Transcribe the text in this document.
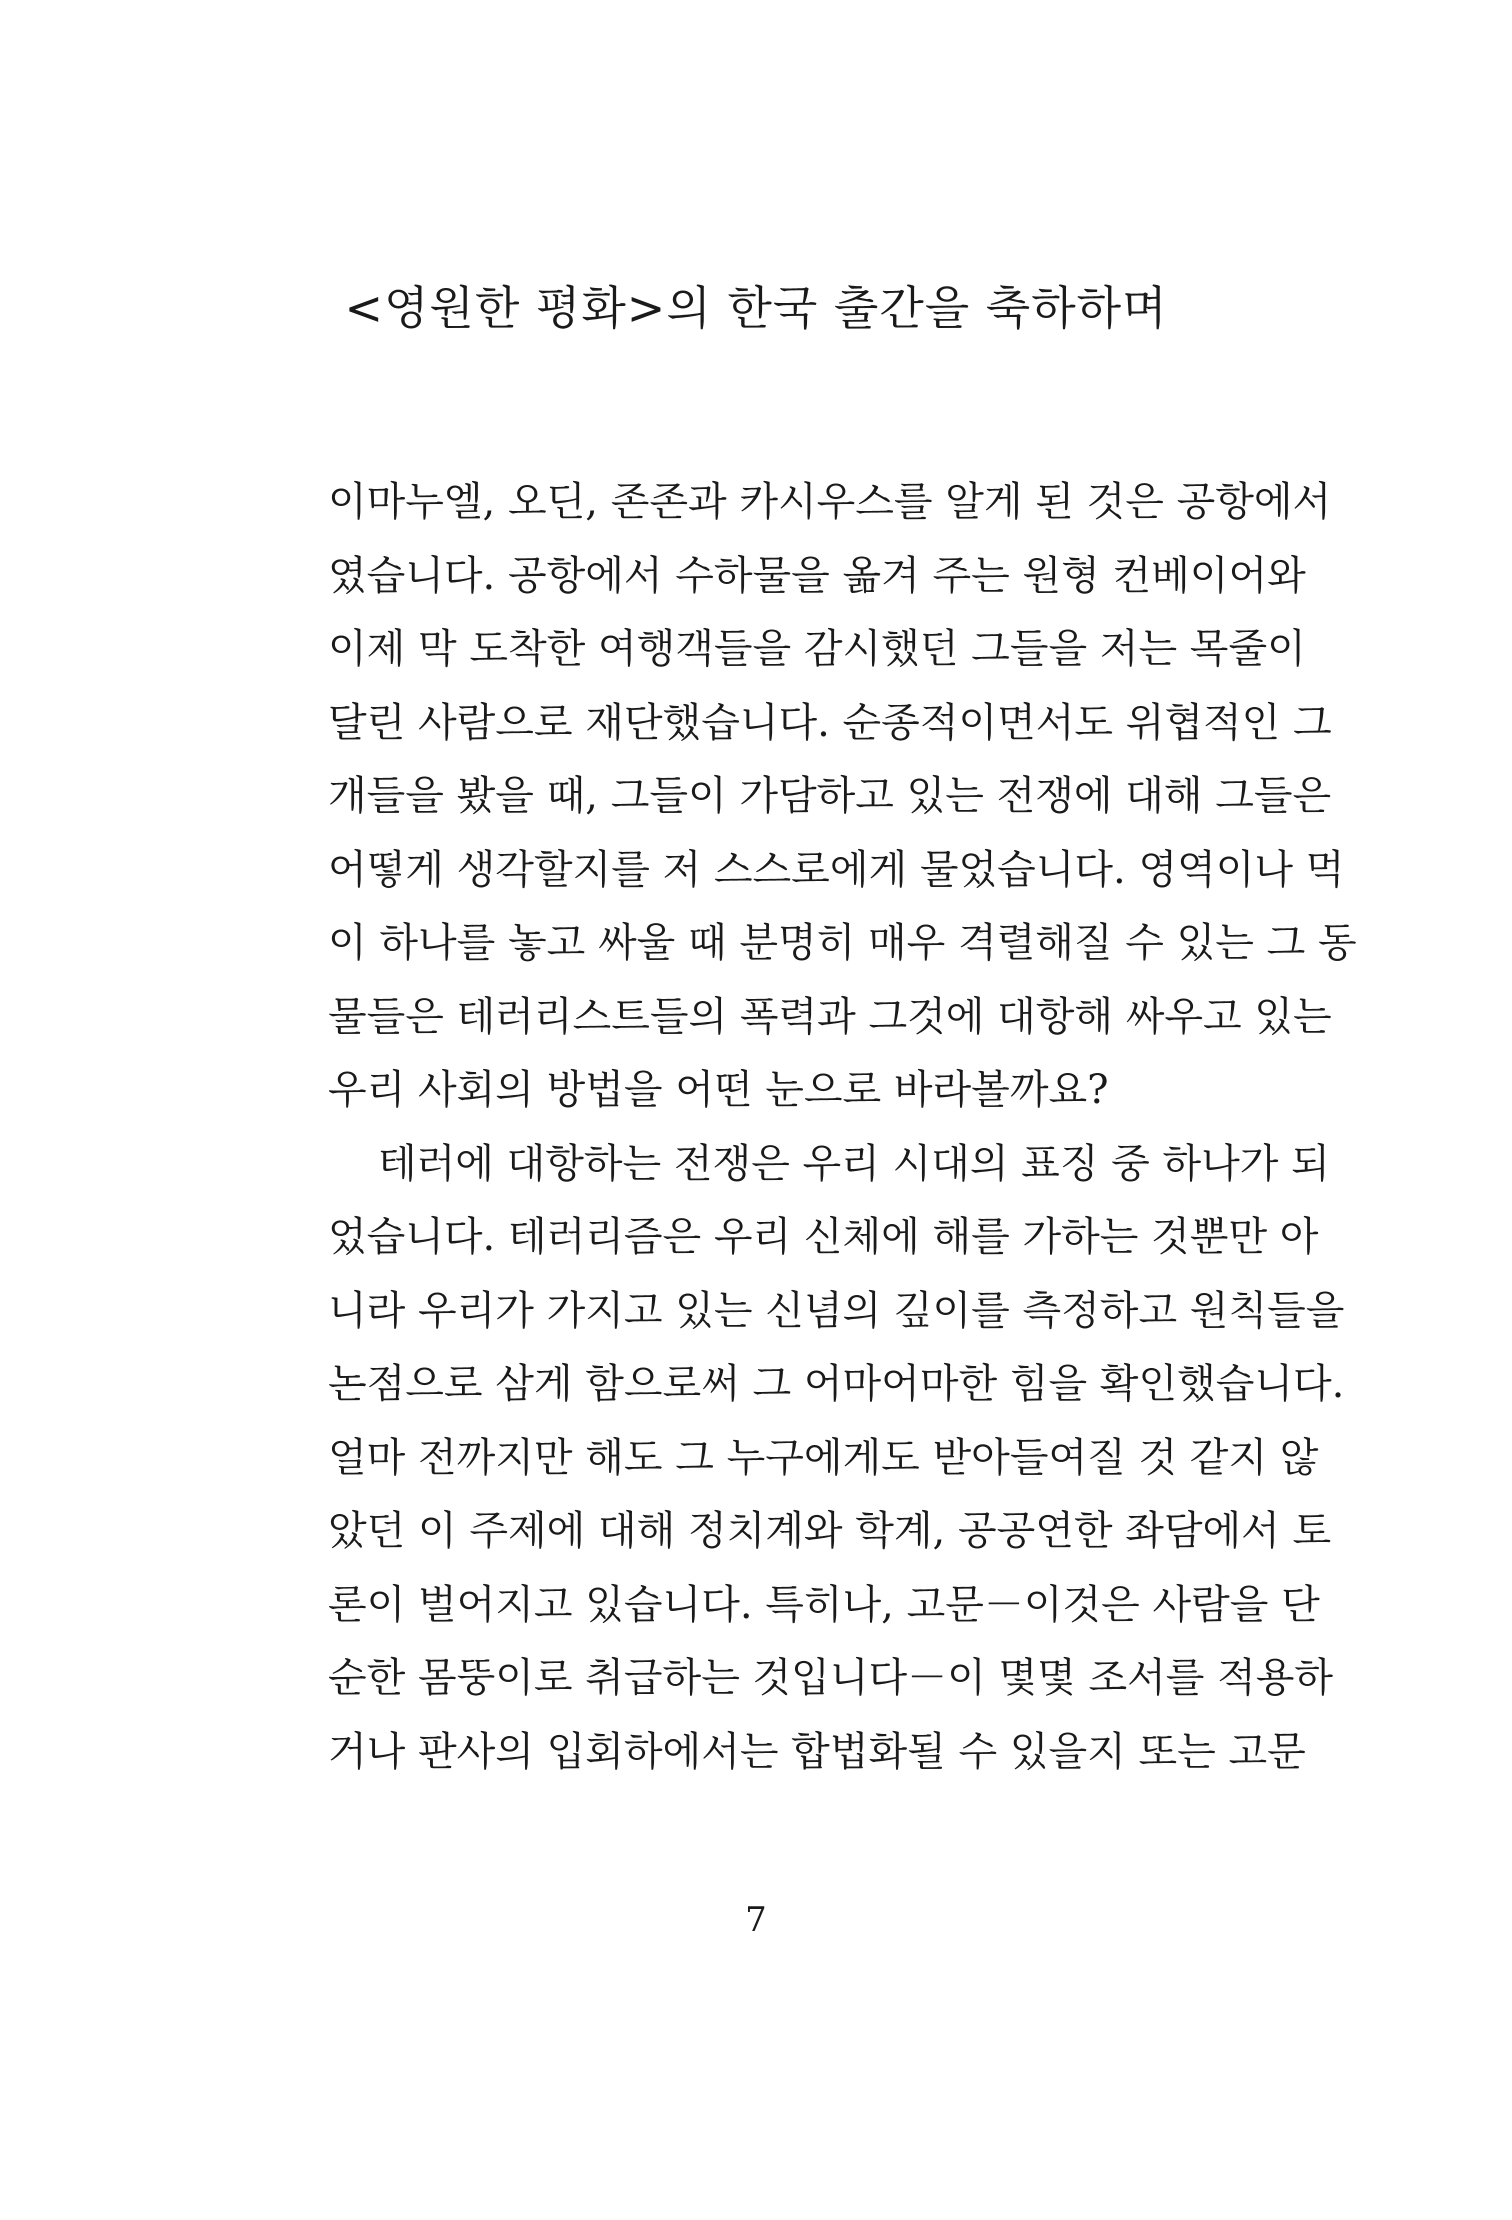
<영원한 평화>의 한국 출간을 축하하며
이마누엘, 오딘, 존존과 카시우스를 알게 된 것은 공항에서
였습니다. 공항에서 수하물을 옮겨 주는 원형 컨베이어와
이제 막 도착한 여행객들을 감시했던 그들을 저는 목줄이
달린 사람으로 재단했습니다. 순종적이면서도 위협적인 그
개들을 봤을 때, 그들이 가담하고 있는 전쟁에 대해 그들은
어떻게 생각할지를 저 스스로에게 물었습니다. 영역이나 먹
이 하나를 놓고 싸울 때 분명히 매우 격렬해질 수 있는 그 동
물들은 테러리스트들의 폭력과 그것에 대항해 싸우고 있는
우리 사회의 방법을 어떤 눈으로 바라볼까요?
테러에 대항하는 전쟁은 우리 시대의 표징 중 하나가 되
었습니다. 테러리즘은 우리 신체에 해를 가하는 것뿐만 아
니라 우리가 가지고 있는 신념의 깊이를 측정하고 원칙들을
논점으로 삼게 함으로써 그 어마어마한 힘을 확인했습니다.
얼마 전까지만 해도 그 누구에게도 받아들여질 것 같지 않
았던 이 주제에 대해 정치계와 학계, 공공연한 좌담에서 토
론이 벌어지고 있습니다. 특히나, 고문－이것은 사람을 단
순한 몸뚱이로 취급하는 것입니다－이 몇몇 조서를 적용하
거나 판사의 입회하에서는 합법화될 수 있을지 또는 고문
7
